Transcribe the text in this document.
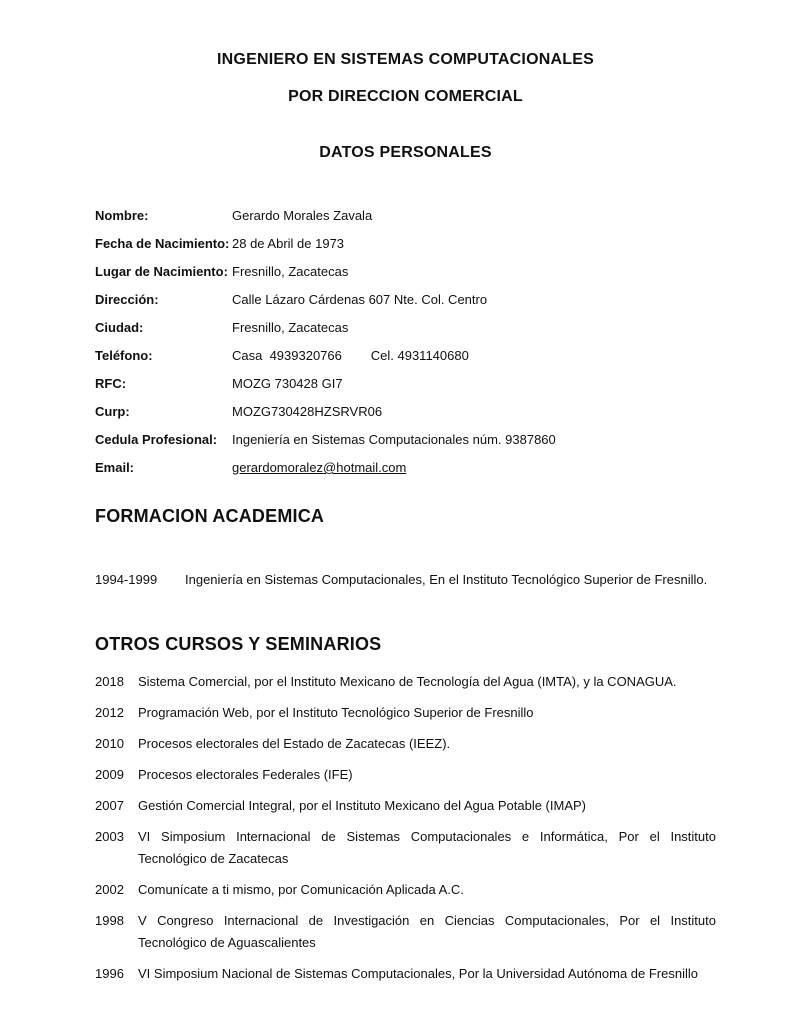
INGENIERO EN SISTEMAS COMPUTACIONALES
POR DIRECCION COMERCIAL
DATOS PERSONALES
Nombre:	Gerardo Morales Zavala
Fecha de Nacimiento: 28 de Abril de 1973
Lugar de Nacimiento: Fresnillo, Zacatecas
Dirección:	Calle Lázaro Cárdenas 607 Nte. Col. Centro
Ciudad:	Fresnillo, Zacatecas
Teléfono:	Casa  4939320766        Cel. 4931140680
RFC:	MOZG 730428 GI7
Curp:	MOZG730428HZSRVR06
Cedula Profesional:	Ingeniería en Sistemas Computacionales núm. 9387860
Email:	gerardomoralez@hotmail.com
FORMACION ACADEMICA
1994-1999	Ingeniería en Sistemas Computacionales, En el Instituto Tecnológico Superior de Fresnillo.
OTROS CURSOS Y SEMINARIOS
2018	Sistema Comercial, por el Instituto Mexicano de Tecnología del Agua (IMTA), y la CONAGUA.
2012	Programación Web, por el Instituto Tecnológico Superior de Fresnillo
2010	Procesos electorales del Estado de Zacatecas (IEEZ).
2009	Procesos electorales Federales (IFE)
2007	Gestión Comercial Integral, por el Instituto Mexicano del Agua Potable (IMAP)
2003	VI Simposium Internacional de Sistemas Computacionales e Informática, Por el Instituto Tecnológico de Zacatecas
2002	Comunícate a ti mismo, por Comunicación Aplicada A.C.
1998	V Congreso Internacional de Investigación en Ciencias Computacionales, Por el Instituto Tecnológico de Aguascalientes
1996	VI Simposium Nacional de Sistemas Computacionales, Por la Universidad Autónoma de Fresnillo
